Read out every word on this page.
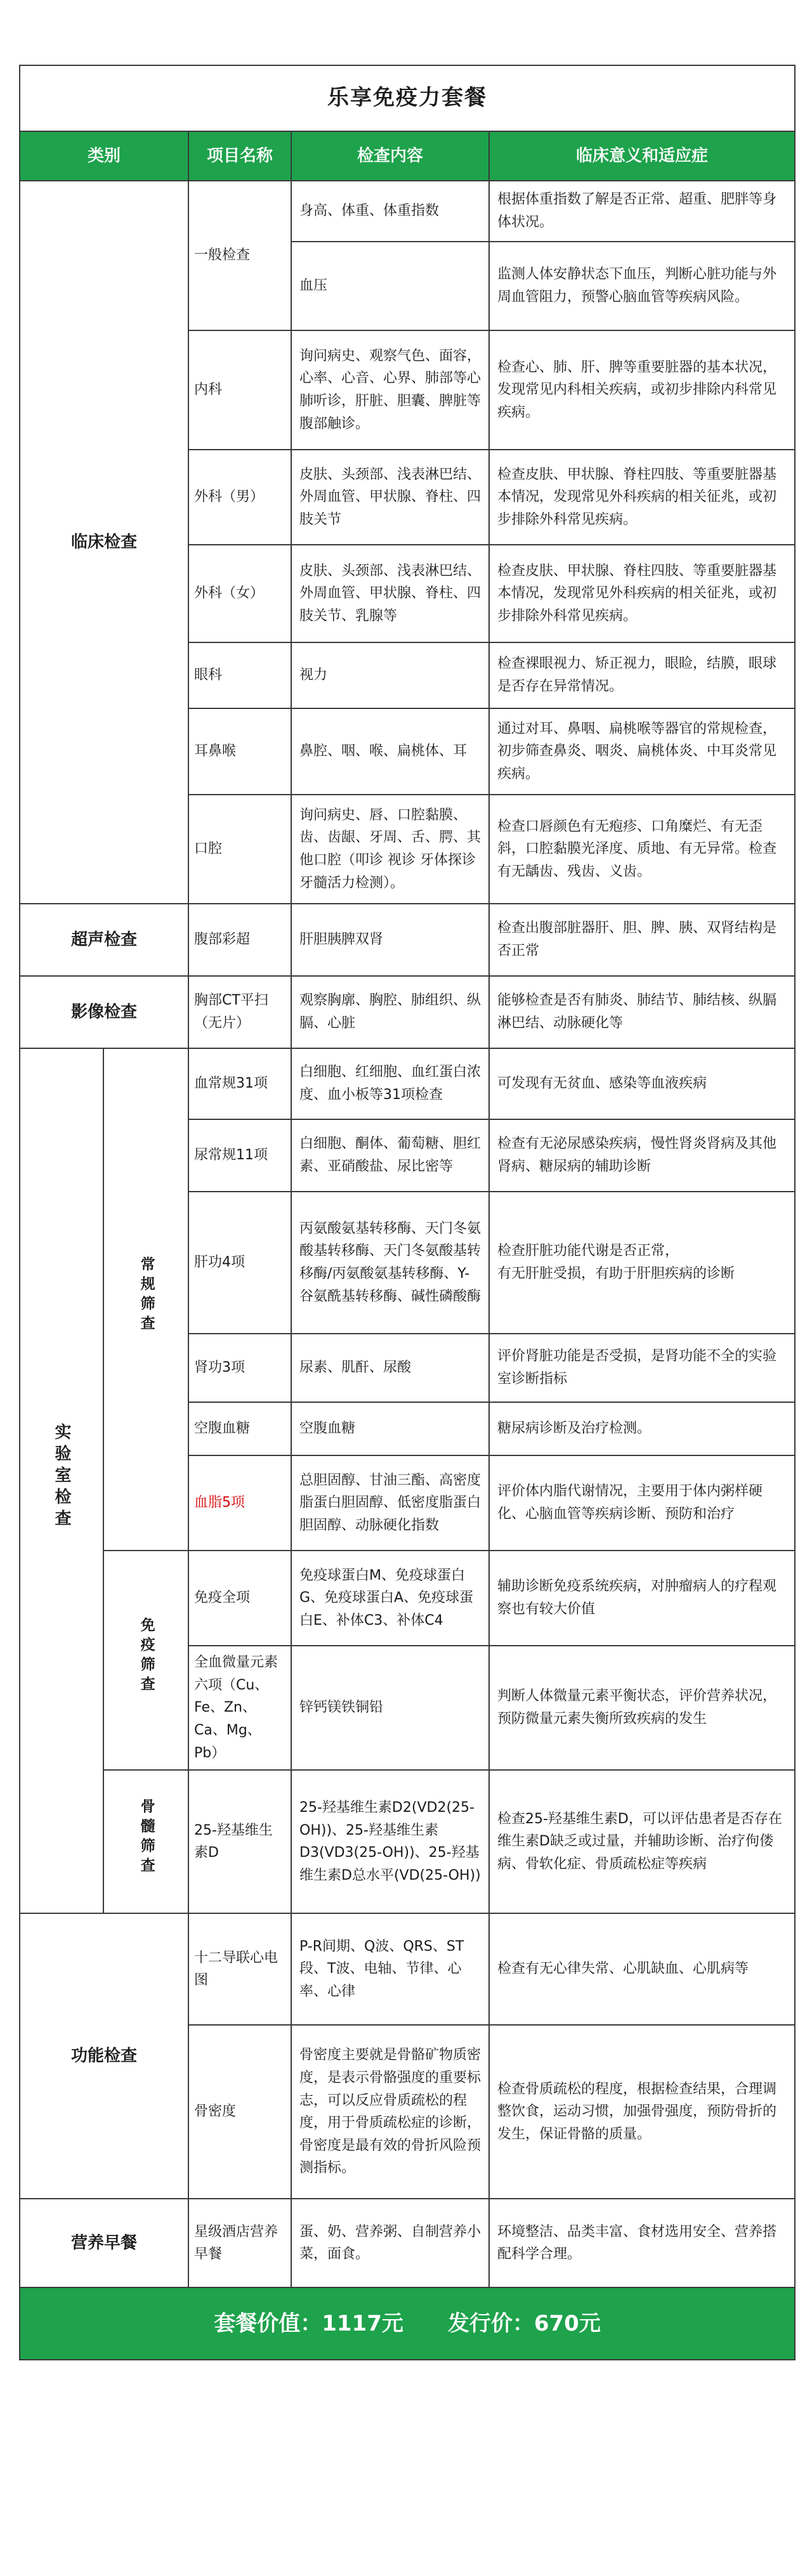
乐享免疫力套餐				
类别		项目名称	检查内容	临床意义和适应症
临床检查		一般检查	身高、体重、体重指数	根据体重指数了解是否正常、超重、肥胖等身体状况。
			血压	监测人体安静状态下血压，判断心脏功能与外周血管阻力，预警心脑血管等疾病风险。
		内科	询问病史、观察气色、面容，心率、心音、心界、肺部等心肺听诊，肝脏、胆囊、脾脏等腹部触诊。	检查心、肺、肝、脾等重要脏器的基本状况，发现常见内科相关疾病，或初步排除内科常见疾病。
		外科（男）	皮肤、头颈部、浅表淋巴结、外周血管、甲状腺、脊柱、四肢关节	检查皮肤、甲状腺、脊柱四肢、等重要脏器基本情况，发现常见外科疾病的相关征兆，或初步排除外科常见疾病。
		外科（女）	皮肤、头颈部、浅表淋巴结、外周血管、甲状腺、脊柱、四肢关节、乳腺等	检查皮肤、甲状腺、脊柱四肢、等重要脏器基本情况，发现常见外科疾病的相关征兆，或初步排除外科常见疾病。
		眼科	视力	检查裸眼视力、矫正视力，眼睑，结膜，眼球是否存在异常情况。
		耳鼻喉	鼻腔、咽、喉、扁桃体、耳	通过对耳、鼻咽、扁桃喉等器官的常规检查，初步筛查鼻炎、咽炎、扁桃体炎、中耳炎常见疾病。
		口腔	询问病史、唇、口腔黏膜、齿、齿龈、牙周、舌、腭、其他口腔（叩诊 视诊 牙体探诊 牙髓活力检测）。	检查口唇颜色有无疱疹、口角糜烂、有无歪斜，口腔黏膜光泽度、质地、有无异常。检查有无龋齿、残齿、义齿。

超声检查		腹部彩超	肝胆胰脾双肾	检查出腹部脏器肝、胆、脾、胰、双肾结构是否正常
影像检查		胸部CT平扫（无片）	观察胸廓、胸腔、肺组织、纵膈、心脏	能够检查是否有肺炎、肺结节、肺结核、纵膈淋巴结、动脉硬化等
实验室检查	常规筛查	血常规31项	白细胞、红细胞、血红蛋白浓度、血小板等31项检查	可发现有无贫血、感染等血液疾病
		尿常规11项	白细胞、酮体、葡萄糖、胆红素、亚硝酸盐、尿比密等	检查有无泌尿感染疾病，慢性肾炎肾病及其他肾病、糖尿病的辅助诊断
		肝功4项	丙氨酸氨基转移酶、天门冬氨酸基转移酶、天门冬氨酸基转移酶/丙氨酸氨基转移酶、Y-谷氨酰基转移酶、碱性磷酸酶	检查肝脏功能代谢是否正常，
有无肝脏受损，有助于肝胆疾病的诊断
		肾功3项	尿素、肌酐、尿酸	评价肾脏功能是否受损，是肾功能不全的实验室诊断指标
		空腹血糖	空腹血糖	糖尿病诊断及治疗检测。
		血脂5项	总胆固醇、甘油三酯、高密度脂蛋白胆固醇、低密度脂蛋白胆固醇、动脉硬化指数	评价体内脂代谢情况，主要用于体内粥样硬化、心脑血管等疾病诊断、预防和治疗
	免疫筛查	免疫全项	免疫球蛋白M、免疫球蛋白G、免疫球蛋白A、免疫球蛋白E、补体C3、补体C4	辅助诊断免疫系统疾病，对肿瘤病人的疗程观察也有较大价值
		全血微量元素六项（Cu、Fe、Zn、Ca、Mg、Pb）	锌钙镁铁铜铅	判断人体微量元素平衡状态，评价营养状况，预防微量元素失衡所致疾病的发生
	骨髓筛查	25-羟基维生素D	25-羟基维生素D2(VD2(25-OH))、25-羟基维生素D3(VD3(25-OH))、25-羟基维生素D总水平(VD(25-OH))	检查25-羟基维生素D，可以评估患者是否存在维生素D缺乏或过量，并辅助诊断、治疗佝偻病、骨软化症、骨质疏松症等疾病
功能检查		十二导联心电图	P-R间期、Q波、QRS、ST段、T波、电轴、节律、心率、心律	检查有无心律失常、心肌缺血、心肌病等
		骨密度	骨密度主要就是骨骼矿物质密度，是表示骨骼强度的重要标志，可以反应骨质疏松的程度，用于骨质疏松症的诊断，骨密度是最有效的骨折风险预测指标。	检查骨质疏松的程度，根据检查结果，合理调整饮食，运动习惯，加强骨强度，预防骨折的发生，保证骨骼的质量。
营养早餐		星级酒店营养早餐	蛋、奶、营养粥、自制营养小菜，面食。	环境整洁、品类丰富、食材选用安全、营养搭配科学合理。
套餐价值：1117元 发行价：670元				
